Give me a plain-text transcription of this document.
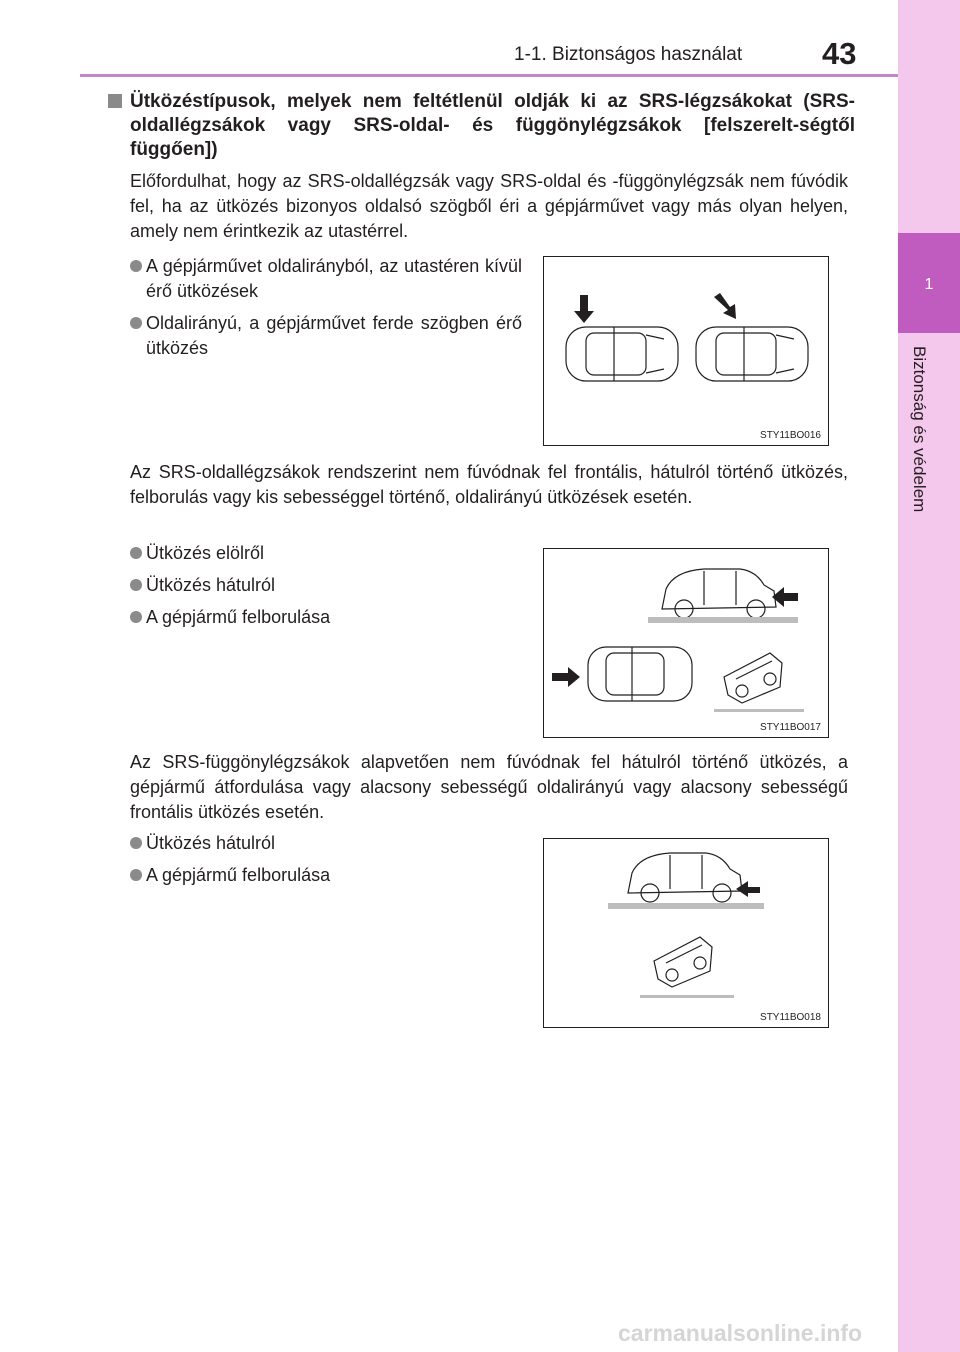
1-1. Biztonságos használat	43
1
Biztonság és védelem
Ütközéstípusok, melyek nem feltétlenül oldják ki az SRS-légzsákokat (SRS-oldallégzsákok vagy SRS-oldal- és függönylégzsákok [felszerelt-ségtől függően])
Előfordulhat, hogy az SRS-oldallégzsák vagy SRS-oldal és -függönylégzsák nem fúvódik fel, ha az ütközés bizonyos oldalsó szögből éri a gépjárművet vagy más olyan helyen, amely nem érintkezik az utastérrel.
A gépjárművet oldalirányból, az utastéren kívül érő ütközések
Oldalirányú, a gépjárművet ferde szögben érő ütközés
STY11BO016
Az SRS-oldallégzsákok rendszerint nem fúvódnak fel frontális, hátulról történő ütközés, felborulás vagy kis sebességgel történő, oldalirányú ütközések esetén.
Ütközés elölről
Ütközés hátulról
A gépjármű felborulása
STY11BO017
Az SRS-függönylégzsákok alapvetően nem fúvódnak fel hátulról történő ütközés, a gépjármű átfordulása vagy alacsony sebességű oldalirányú vagy alacsony sebességű frontális ütközés esetén.
Ütközés hátulról
A gépjármű felborulása
STY11BO018
carmanualsonline.info
